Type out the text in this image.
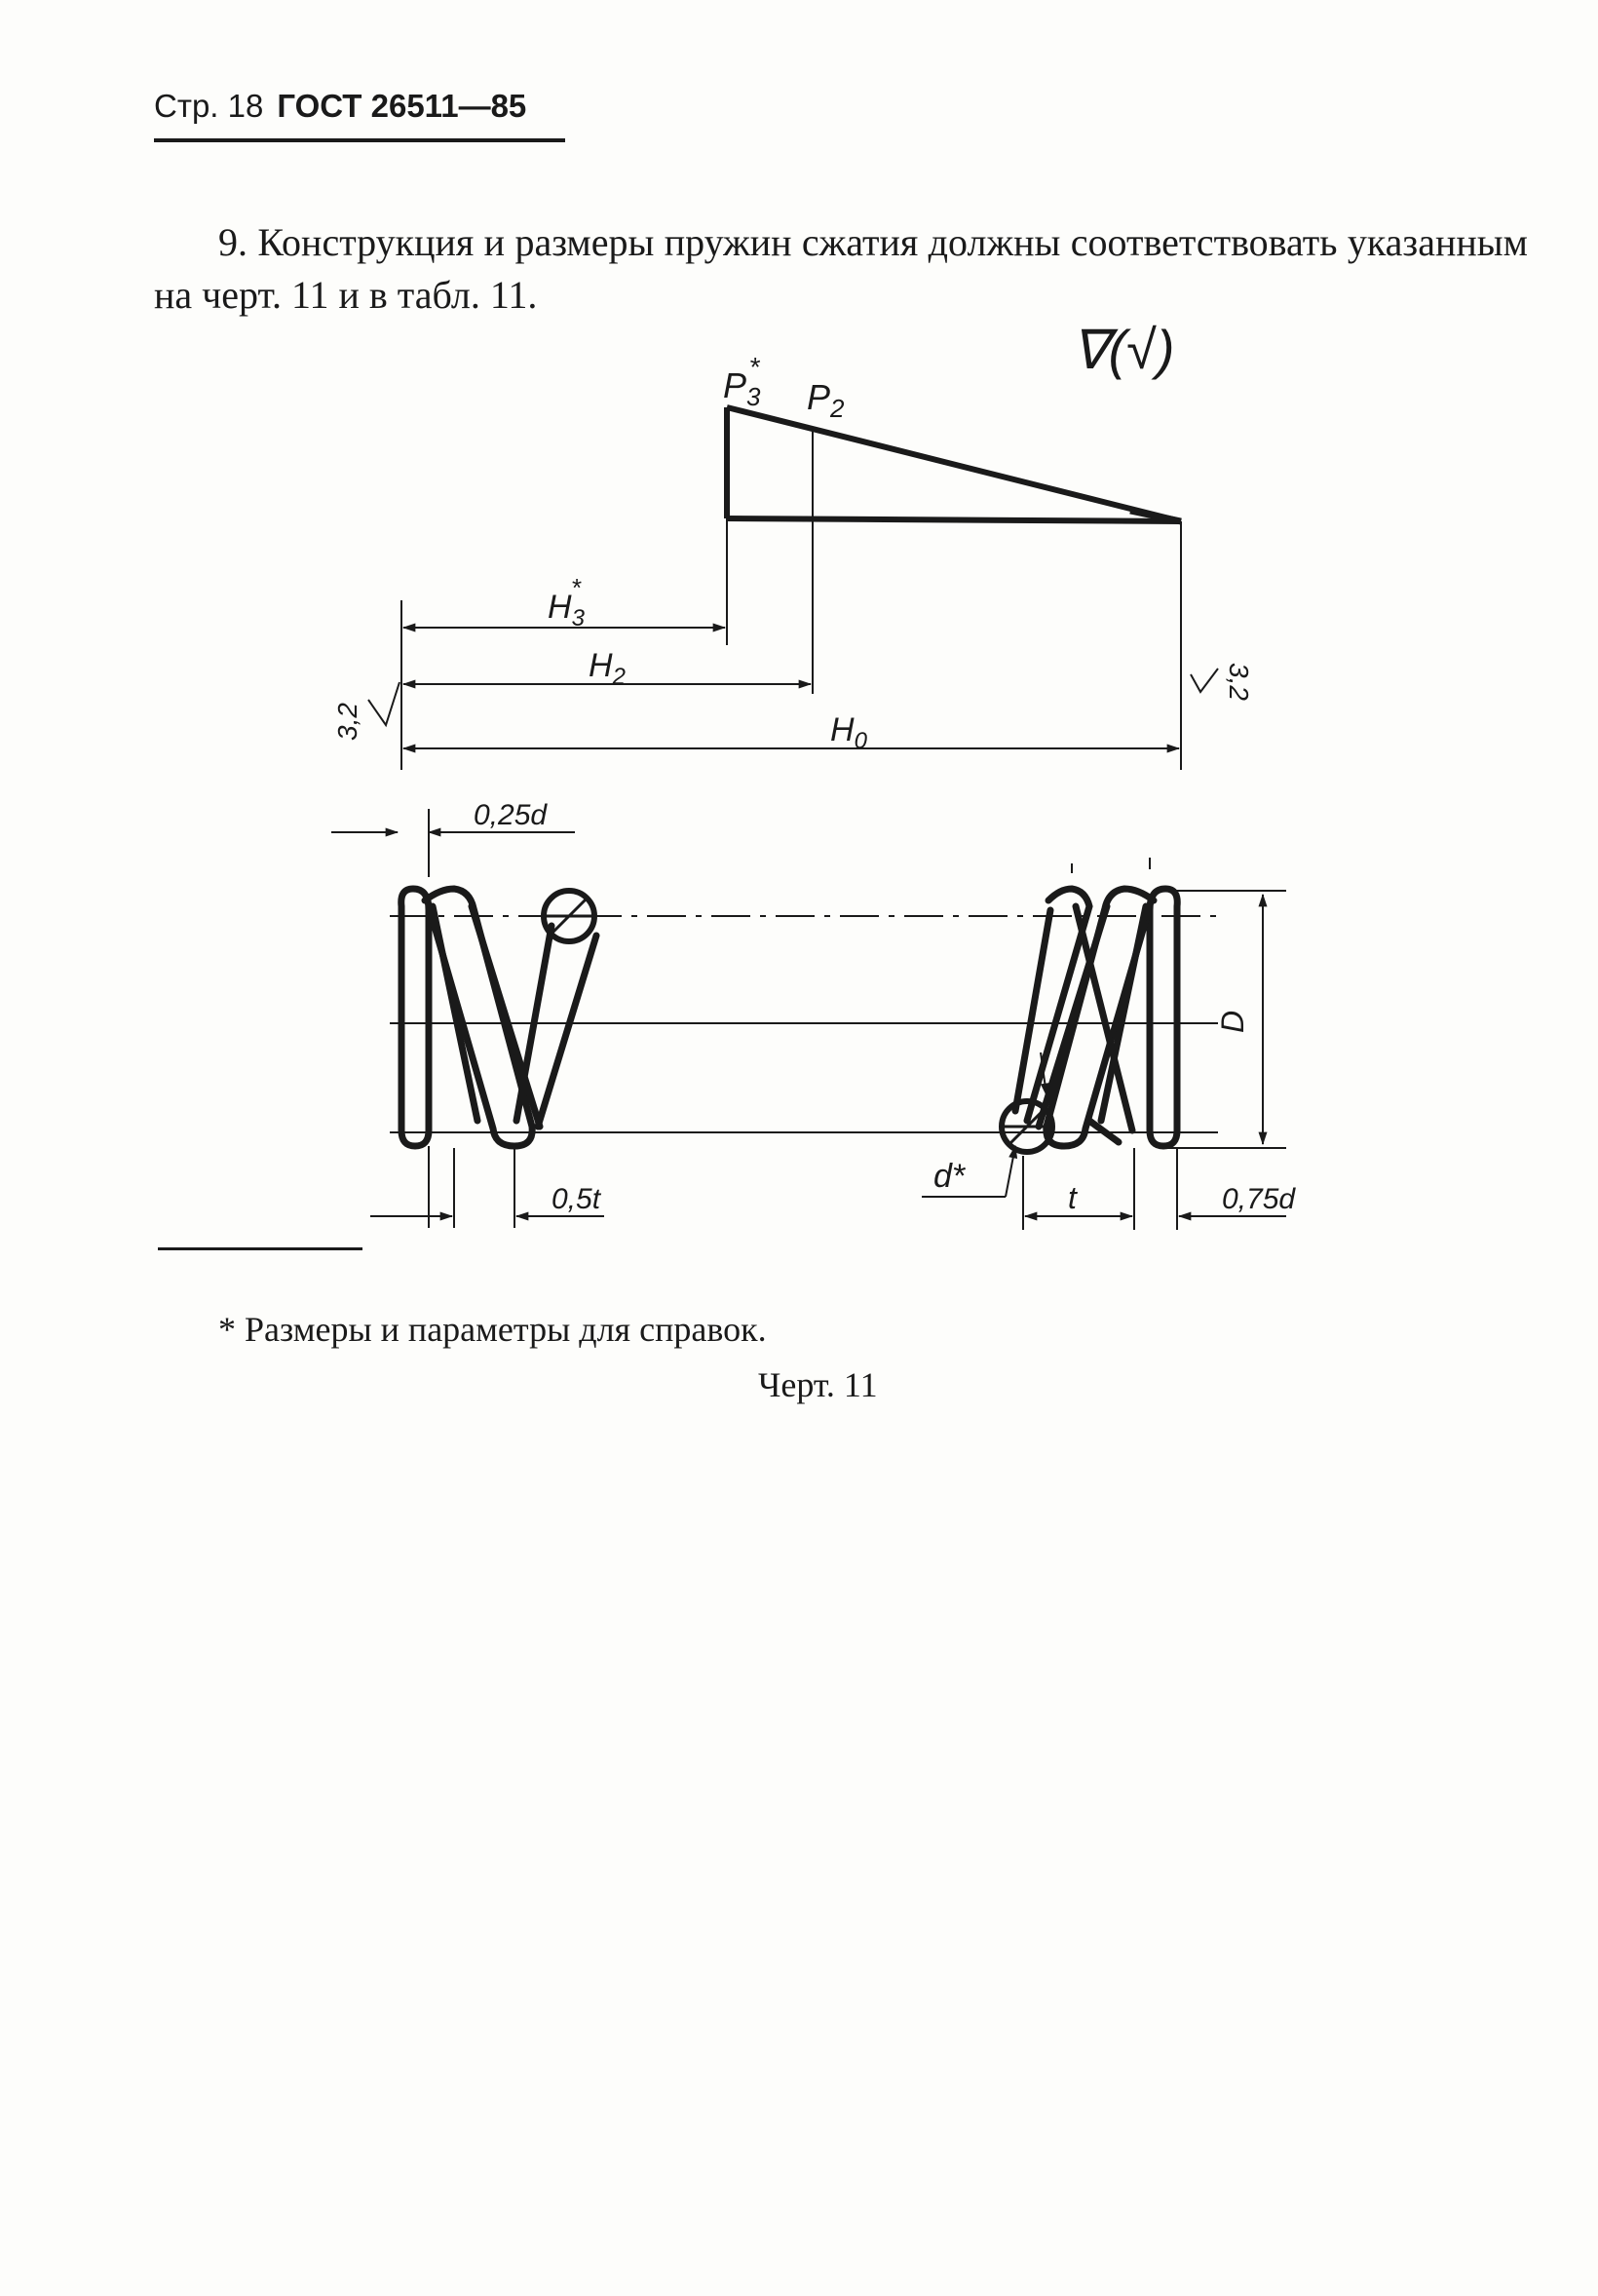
Стр. 18 ГОСТ 26511—85

9. Конструкция и размеры пружин сжатия должны соответствовать указанным на черт. 11 и в табл. 11.

∇(√)
$P_3*$
$P_2$
$H_3*$
$H_2$
$H_0$
3,2
3,2
D
0,25d
0,5t
d*
t	0,75d
* Размеры и параметры для справок.
Черт. 11
